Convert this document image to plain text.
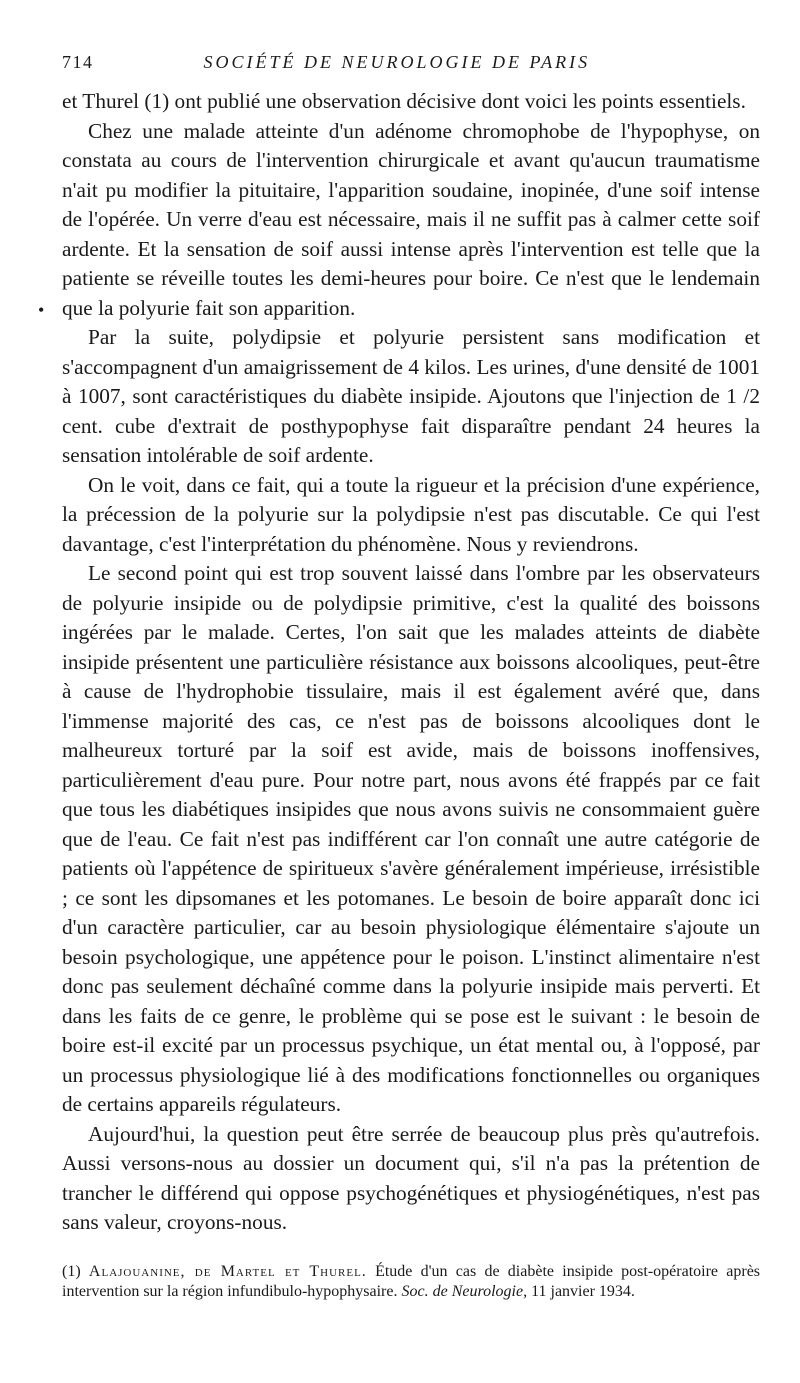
714	SOCIÉTÉ DE NEUROLOGIE DE PARIS
•

et Thurel (1) ont publié une observation décisive dont voici les points essentiels.

Chez une malade atteinte d'un adénome chromophobe de l'hypophyse, on constata au cours de l'intervention chirurgicale et avant qu'aucun traumatisme n'ait pu modifier la pituitaire, l'apparition soudaine, inopinée, d'une soif intense de l'opérée. Un verre d'eau est nécessaire, mais il ne suffit pas à calmer cette soif ardente. Et la sensation de soif aussi intense après l'intervention est telle que la patiente se réveille toutes les demi-heures pour boire. Ce n'est que le lendemain que la polyurie fait son apparition.

Par la suite, polydipsie et polyurie persistent sans modification et s'accompagnent d'un amaigrissement de 4 kilos. Les urines, d'une densité de 1001 à 1007, sont caractéristiques du diabète insipide. Ajoutons que l'injection de 1 /2 cent. cube d'extrait de posthypophyse fait disparaître pendant 24 heures la sensation intolérable de soif ardente.

On le voit, dans ce fait, qui a toute la rigueur et la précision d'une expérience, la précession de la polyurie sur la polydipsie n'est pas discutable. Ce qui l'est davantage, c'est l'interprétation du phénomène. Nous y reviendrons.

Le second point qui est trop souvent laissé dans l'ombre par les observateurs de polyurie insipide ou de polydipsie primitive, c'est la qualité des boissons ingérées par le malade. Certes, l'on sait que les malades atteints de diabète insipide présentent une particulière résistance aux boissons alcooliques, peut-être à cause de l'hydrophobie tissulaire, mais il est également avéré que, dans l'immense majorité des cas, ce n'est pas de boissons alcooliques dont le malheureux torturé par la soif est avide, mais de boissons inoffensives, particulièrement d'eau pure. Pour notre part, nous avons été frappés par ce fait que tous les diabétiques insipides que nous avons suivis ne consommaient guère que de l'eau. Ce fait n'est pas indifférent car l'on connaît une autre catégorie de patients où l'appétence de spiritueux s'avère généralement impérieuse, irrésistible ; ce sont les dipsomanes et les potomanes. Le besoin de boire apparaît donc ici d'un caractère particulier, car au besoin physiologique élémentaire s'ajoute un besoin psychologique, une appétence pour le poison. L'instinct alimentaire n'est donc pas seulement déchaîné comme dans la polyurie insipide mais perverti. Et dans les faits de ce genre, le problème qui se pose est le suivant : le besoin de boire est-il excité par un processus psychique, un état mental ou, à l'opposé, par un processus physiologique lié à des modifications fonctionnelles ou organiques de certains appareils régulateurs.

Aujourd'hui, la question peut être serrée de beaucoup plus près qu'autrefois. Aussi versons-nous au dossier un document qui, s'il n'a pas la prétention de trancher le différend qui oppose psychogénétiques et physiogénétiques, n'est pas sans valeur, croyons-nous.

(1) Alajouanine, de Martel et Thurel. Étude d'un cas de diabète insipide post-opératoire après intervention sur la région infundibulo-hypophysaire. Soc. de Neurologie, 11 janvier 1934.
